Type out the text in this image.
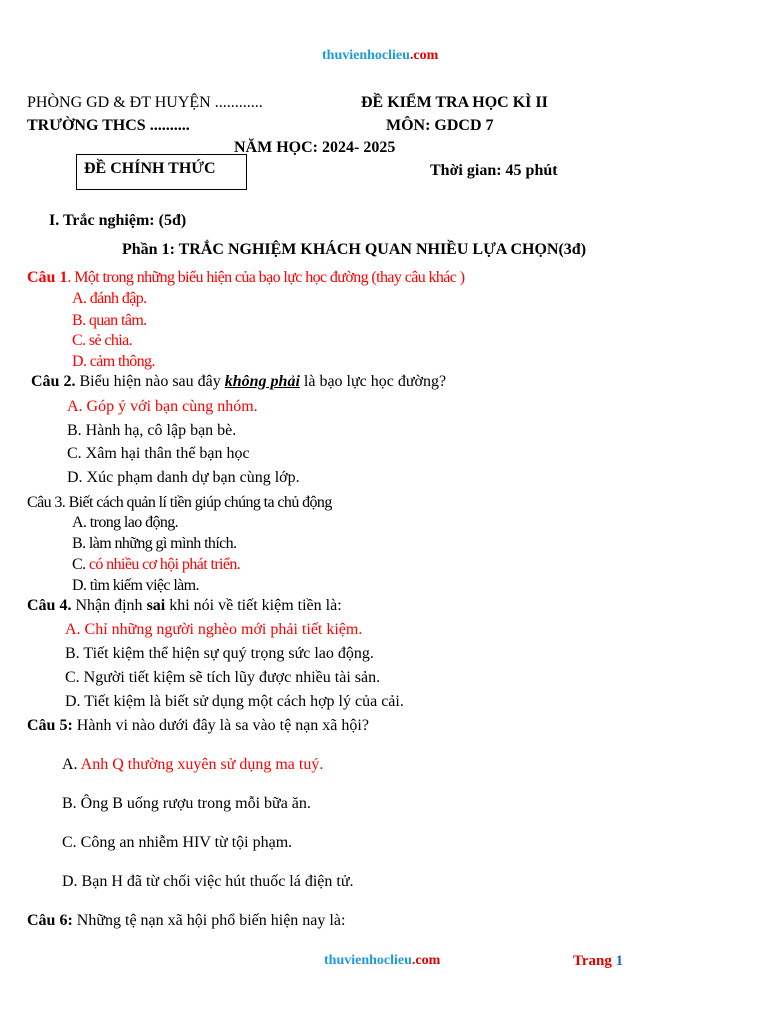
thuvienhoclieu.com
PHÒNG GD & ĐT HUYỆN ............
TRƯỜNG THCS ..........
ĐỀ KIỂM TRA HỌC KÌ II
MÔN: GDCD 7
NĂM HỌC: 2024- 2025
ĐỀ CHÍNH THỨC	Thời gian: 45 phút
I. Trắc nghiệm: (5đ)
Phần 1: TRẮC NGHIỆM KHÁCH QUAN NHIỀU LỰA CHỌN(3đ)
Câu 1. Một trong những biểu hiện của bạo lực học đường (thay câu khác )
A. đánh đập.
B. quan tâm.
C. sẻ chia.
D. cảm thông.
Câu 2. Biểu hiện nào sau đây không phải là bạo lực học đường?
A. Góp ý với bạn cùng nhóm.
B. Hành hạ, cô lập bạn bè.
C. Xâm hại thân thể bạn học
D. Xúc phạm danh dự bạn cùng lớp.
Câu 3. Biết cách quản lí tiền giúp chúng ta chủ động
A. trong lao động.
B. làm những gì mình thích.
C. có nhiều cơ hội phát triển.
D. tìm kiếm việc làm.
Câu 4. Nhận định sai khi nói về tiết kiệm tiền là:
A. Chỉ những người nghèo mới phải tiết kiệm.
B. Tiết kiệm thể hiện sự quý trọng sức lao động.
C. Người tiết kiệm sẽ tích lũy được nhiều tài sản.
D. Tiết kiệm là biết sử dụng một cách hợp lý của cải.
Câu 5: Hành vi nào dưới đây là sa vào tệ nạn xã hội?
A. Anh Q thường xuyên sử dụng ma tuý.
B. Ông B uống rượu trong mỗi bữa ăn.
C. Công an nhiễm HIV từ tội phạm.
D. Bạn H đã từ chối việc hút thuốc lá điện tử.
Câu 6: Những tệ nạn xã hội phổ biến hiện nay là:
thuvienhoclieu.com	Trang 1
